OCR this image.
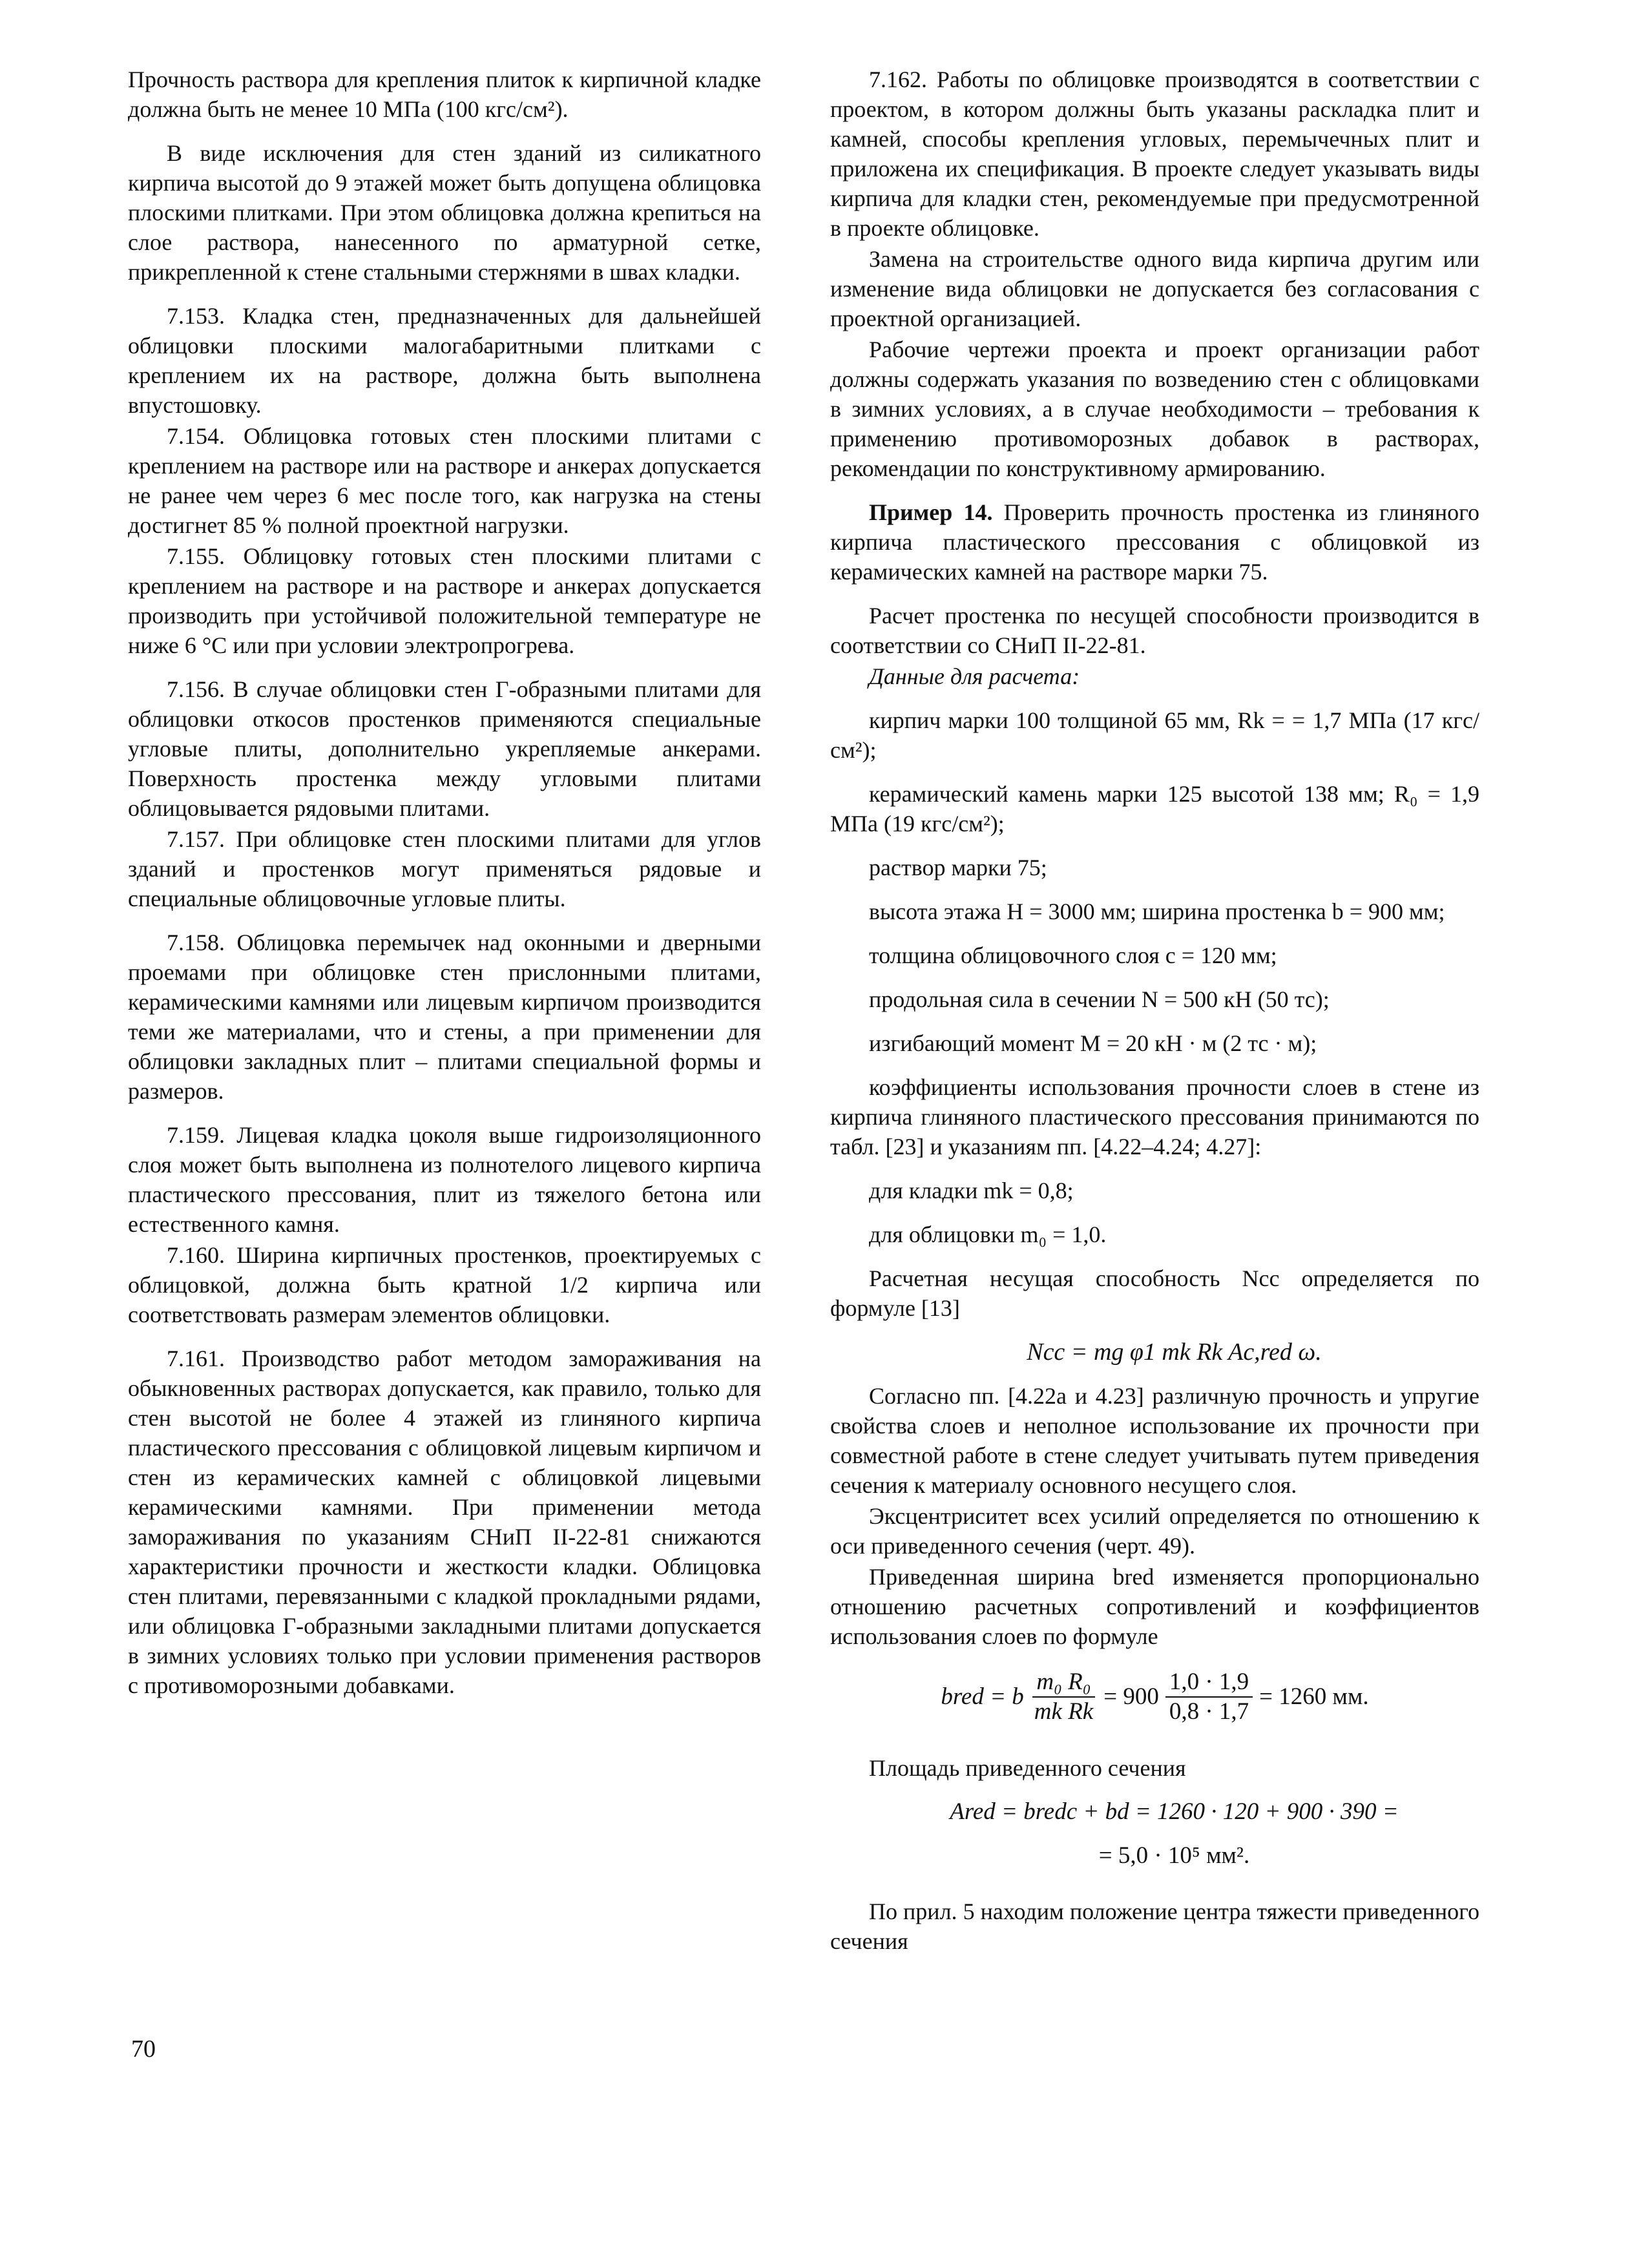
Прочность раствора для крепления плиток к кирпичной кладке должна быть не менее 10 МПа (100 кгс/см²).

В виде исключения для стен зданий из силикатного кирпича высотой до 9 этажей может быть допущена облицовка плоскими плитками. При этом облицовка должна крепиться на слое раствора, нанесенного по арматурной сетке, прикрепленной к стене стальными стержнями в швах кладки.

7.153. Кладка стен, предназначенных для дальнейшей облицовки плоскими малогабаритными плитками с креплением их на растворе, должна быть выполнена впустошовку.

7.154. Облицовка готовых стен плоскими плитами с креплением на растворе или на растворе и анкерах допускается не ранее чем через 6 мес после того, как нагрузка на стены достигнет 85 % полной проектной нагрузки.

7.155. Облицовку готовых стен плоскими плитами с креплением на растворе и на растворе и анкерах допускается производить при устойчивой положительной температуре не ниже 6 °С или при условии электропрогрева.

7.156. В случае облицовки стен Г-образными плитами для облицовки откосов простенков применяются специальные угловые плиты, дополнительно укрепляемые анкерами. Поверхность простенка между угловыми плитами облицовывается рядовыми плитами.

7.157. При облицовке стен плоскими плитами для углов зданий и простенков могут применяться рядовые и специальные облицовочные угловые плиты.

7.158. Облицовка перемычек над оконными и дверными проемами при облицовке стен прислонными плитами, керамическими камнями или лицевым кирпичом производится теми же материалами, что и стены, а при применении для облицовки закладных плит – плитами специальной формы и размеров.

7.159. Лицевая кладка цоколя выше гидроизоляционного слоя может быть выполнена из полнотелого лицевого кирпича пластического прессования, плит из тяжелого бетона или естественного камня.

7.160. Ширина кирпичных простенков, проектируемых с облицовкой, должна быть кратной 1/2 кирпича или соответствовать размерам элементов облицовки.

7.161. Производство работ методом замораживания на обыкновенных растворах допускается, как правило, только для стен высотой не более 4 этажей из глиняного кирпича пластического прессования с облицовкой лицевым кирпичом и стен из керамических камней с облицовкой лицевыми керамическими камнями. При применении метода замораживания по указаниям СНиП II-22-81 снижаются характеристики прочности и жесткости кладки. Облицовка стен плитами, перевязанными с кладкой прокладными рядами, или облицовка Г-образными закладными плитами допускается в зимних условиях только при условии применения растворов с противоморозными добавками.

7.162. Работы по облицовке производятся в соответствии с проектом, в котором должны быть указаны раскладка плит и камней, способы крепления угловых, перемычечных плит и приложена их спецификация. В проекте следует указывать виды кирпича для кладки стен, рекомендуемые при предусмотренной в проекте облицовке.

Замена на строительстве одного вида кирпича другим или изменение вида облицовки не допускается без согласования с проектной организацией.

Рабочие чертежи проекта и проект организации работ должны содержать указания по возведению стен с облицовками в зимних условиях, а в случае необходимости – требования к применению противоморозных добавок в растворах, рекомендации по конструктивному армированию.

Пример 14. Проверить прочность простенка из глиняного кирпича пластического прессования с облицовкой из керамических камней на растворе марки 75.

Расчет простенка по несущей способности производится в соответствии со СНиП II-22-81.

Данные для расчета:

кирпич марки 100 толщиной 65 мм, Rk = = 1,7 МПа (17 кгс/см²);

керамический камень марки 125 высотой 138 мм; R₀ = 1,9 МПа (19 кгс/см²);

раствор марки 75;

высота этажа H = 3000 мм; ширина простенка b = 900 мм;

толщина облицовочного слоя c = 120 мм;

продольная сила в сечении N = 500 кН (50 тс);

изгибающий момент M = 20 кН · м (2 тс · м);

коэффициенты использования прочности слоев в стене из кирпича глиняного пластического прессования принимаются по табл. [23] и указаниям пп. [4.22–4.24; 4.27]:

для кладки mk = 0,8;

для облицовки m₀ = 1,0.

Расчетная несущая способность Ncc определяется по формуле [13]

Ncc = mg φ1 mk Rk Ac,red ω.

Согласно пп. [4.22а и 4.23] различную прочность и упругие свойства слоев и неполное использование их прочности при совместной работе в стене следует учитывать путем приведения сечения к материалу основного несущего слоя.

Эксцентриситет всех усилий определяется по отношению к оси приведенного сечения (черт. 49).

Приведенная ширина bred изменяется пропорционально отношению расчетных сопротивлений и коэффициентов использования слоев по формуле

bred = b $\frac{\text{m₀ R₀}}{\text{mk Rk}} = 900 \frac{1,0 \cdot 1,9}{0,8 \cdot 1,7} = 1260$ мм.

Площадь приведенного сечения

Ared = bredc + bd = 1260 · 120 + 900 · 390 =

= 5,0 · 10⁵ мм².

По прил. 5 находим положение центра тяжести приведенного сечения

70
